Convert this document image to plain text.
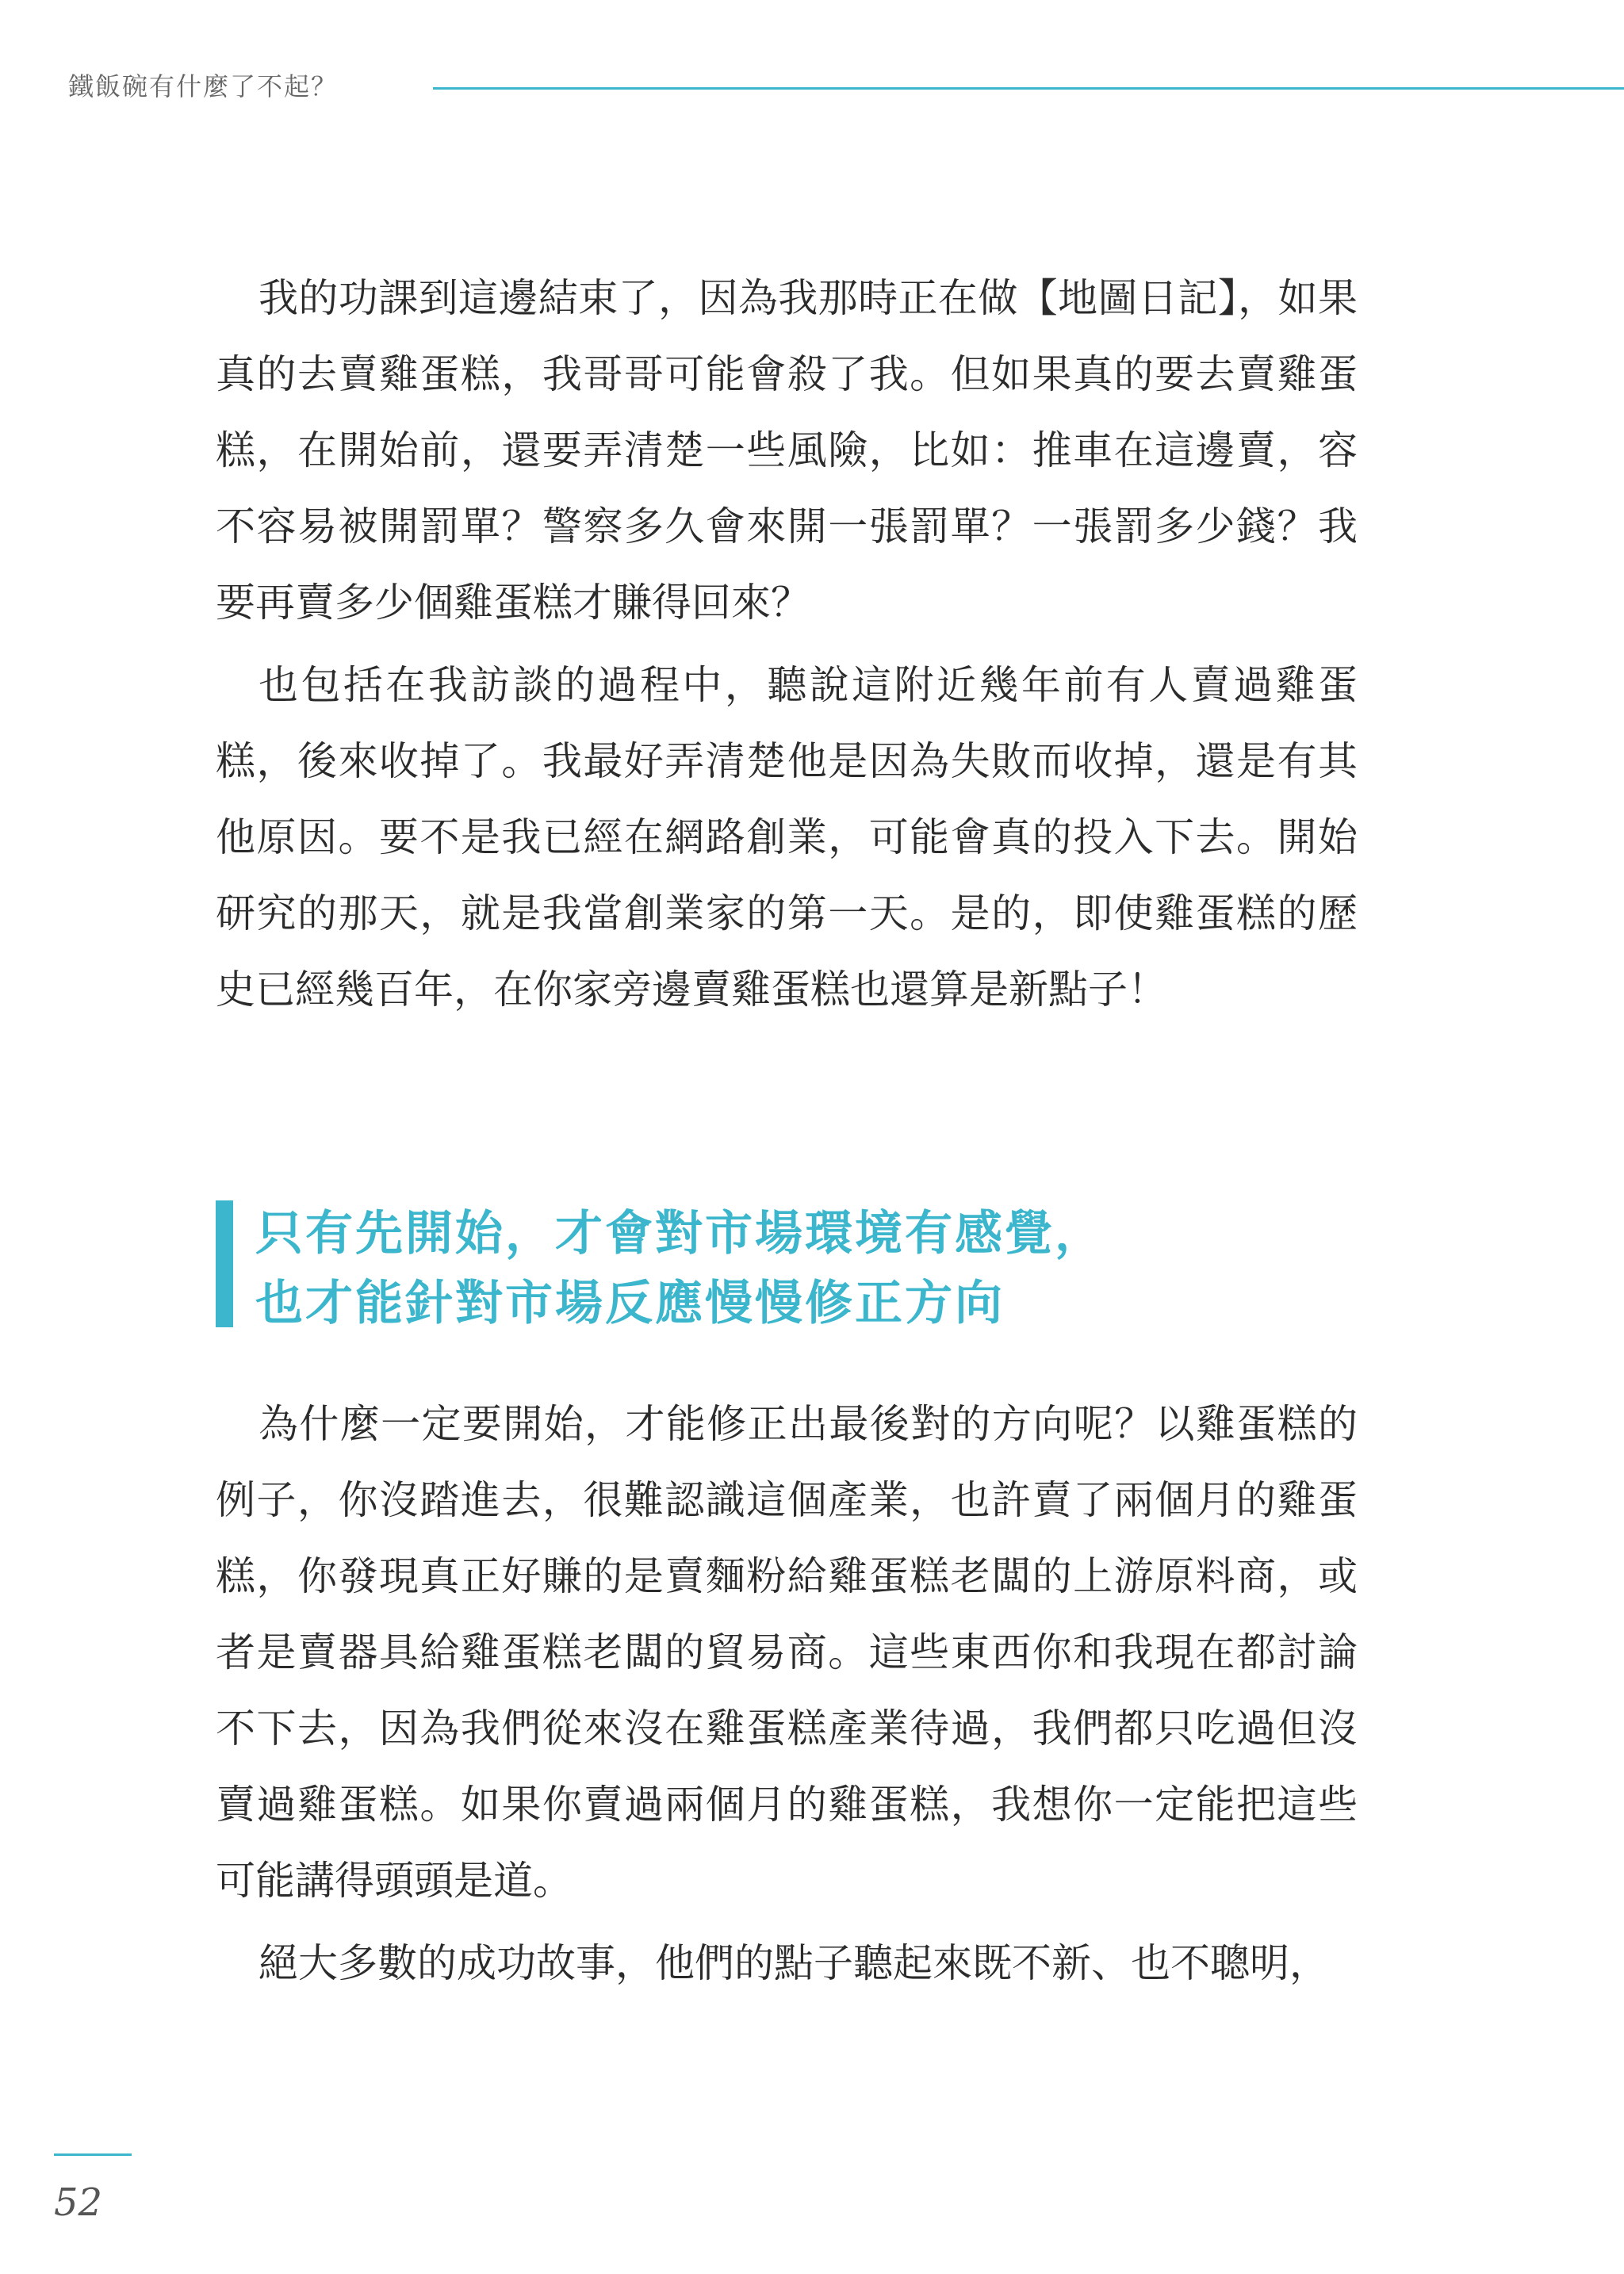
鐵飯碗有什麼了不起？

我的功課到這邊結束了，因為我那時正在做【地圖日記】，如果真的去賣雞蛋糕，我哥哥可能會殺了我。但如果真的要去賣雞蛋糕，在開始前，還要弄清楚一些風險，比如：推車在這邊賣，容不容易被開罰單？警察多久會來開一張罰單？一張罰多少錢？我要再賣多少個雞蛋糕才賺得回來？

也包括在我訪談的過程中，聽說這附近幾年前有人賣過雞蛋糕，後來收掉了。我最好弄清楚他是因為失敗而收掉，還是有其他原因。要不是我已經在網路創業，可能會真的投入下去。開始研究的那天，就是我當創業家的第一天。是的，即使雞蛋糕的歷史已經幾百年，在你家旁邊賣雞蛋糕也還算是新點子！

只有先開始，才會對市場環境有感覺，
也才能針對市場反應慢慢修正方向

為什麼一定要開始，才能修正出最後對的方向呢？以雞蛋糕的例子，你沒踏進去，很難認識這個產業，也許賣了兩個月的雞蛋糕，你發現真正好賺的是賣麵粉給雞蛋糕老闆的上游原料商，或者是賣器具給雞蛋糕老闆的貿易商。這些東西你和我現在都討論不下去，因為我們從來沒在雞蛋糕產業待過，我們都只吃過但沒賣過雞蛋糕。如果你賣過兩個月的雞蛋糕，我想你一定能把這些可能講得頭頭是道。

絕大多數的成功故事，他們的點子聽起來既不新、也不聰明，

52
